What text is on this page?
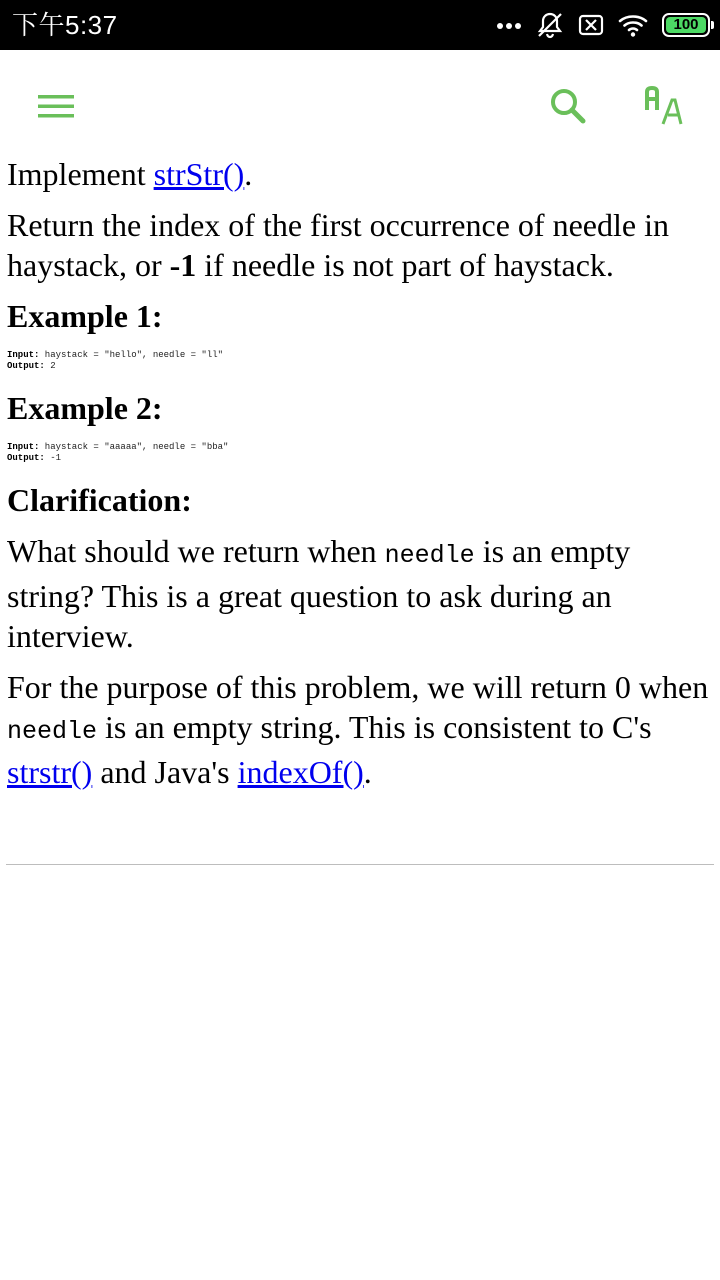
下午5:37	100

Implement strStr().

Return the index of the first occurrence of needle in haystack, or -1 if needle is not part of haystack.

Example 1:
Input: haystack = "hello", needle = "ll"
Output: 2
Example 2:
Input: haystack = "aaaaa", needle = "bba"
Output: -1
Clarification:

What should we return when needle is an empty string? This is a great question to ask during an interview.

For the purpose of this problem, we will return 0 when needle is an empty string. This is consistent to C's strstr() and Java's indexOf().
